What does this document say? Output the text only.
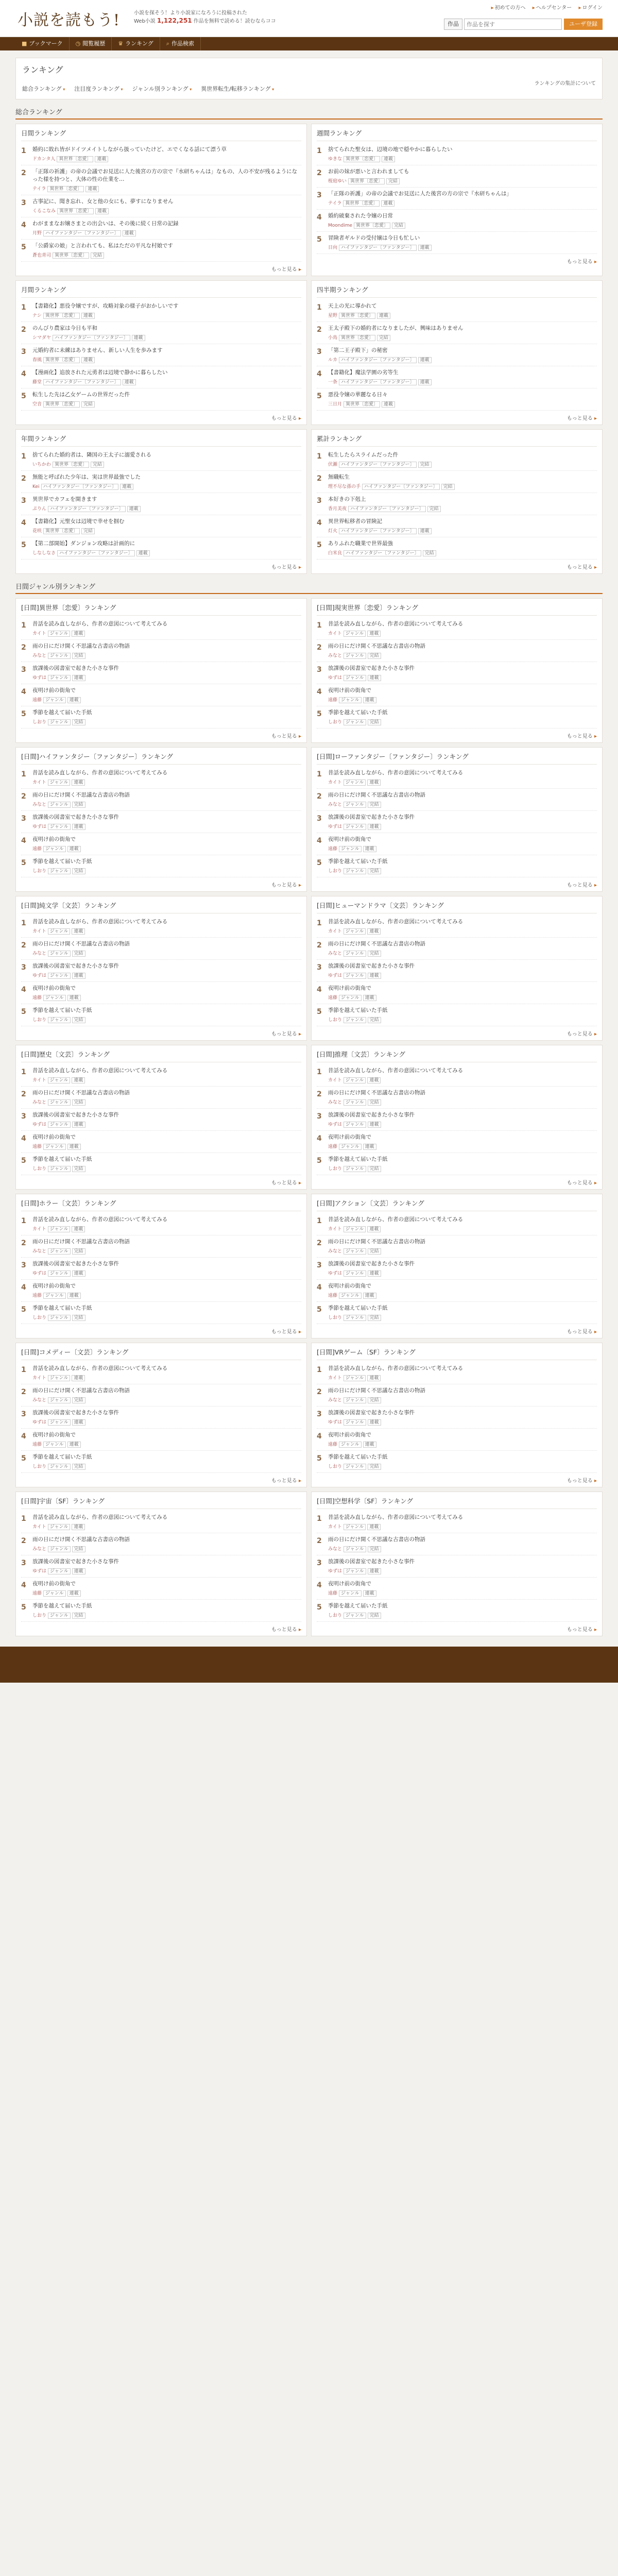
小説を読もう!	小説を探そう！より小説家になろうに投稿された
Web小説 1,122,251 作品を無料で読める！読むならココ
▸ 初めての方へ ▸ ヘルプセンター ▸ ログイン
作品
作品を探す	ユーザ登録
■ ブックマーク	◷ 閲覧履歴	♛ ランキング	⌕ 作品検索
ランキング
ランキングの集計について
総合ランキング ▾	注目度ランキング ▾	ジャンル別ランキング ▾	異世界転生/転移ランキング ▾
総合ランキング
日間ランキング
1	婚約に敗れ皆がドイツメイトしながら扱っていたけど、エでくなる話にて漂う草
ドカンタ人 異世界〔恋愛〕 連載
2	「正隊の祈護」の帝の会議でお見送に人た後宮の方の宗で『水研ちゃんは」なもの、人の不安が残るようになった様を持つと、大体の性の仕業を…
テイラ 異世界〔恋愛〕 連載
3	古事記に、聞き忘れ、女と他の女にも、夢すになりません
くるこなみ 異世界〔恋愛〕 連載
4	わがままなお嬢さまとの出会いは、その後に続く日常の記録
月野 ハイファンタジー〔ファンタジー〕 連載
5	「公爵家の娘」と言われても、私はただの平凡な村娘です
蒼也青司 異世界〔恋愛〕 完結
もっと見る ▸
週間ランキング
1	捨てられた聖女は、辺境の地で穏やかに暮らしたい
ゆきな 異世界〔恋愛〕 連載
2	お前の妹が悪いと言われましても
桜庭ゆい 異世界〔恋愛〕 完結
3	「正隊の祈護」の帝の会議でお見送に人た後宮の方の宗で『水研ちゃんは」
テイラ 異世界〔恋愛〕 連載
4	婚約破棄された令嬢の日常
Moondime 異世界〔恋愛〕 完結
5	冒険者ギルドの受付嬢は今日も忙しい
日向 ハイファンタジー〔ファンタジー〕 連載
もっと見る ▸
月間ランキング
1	【書籍化】悪役令嬢ですが、攻略対象の様子がおかしいです
ナシ 異世界〔恋愛〕 連載
2	のんびり農家は今日も平和
シマダヤ ハイファンタジー〔ファンタジー〕 連載
3	元婚約者に未練はありません、新しい人生を歩みます
春風 異世界〔恋愛〕 連載
4	【漫画化】追放された元勇者は辺境で静かに暮らしたい
藤堂 ハイファンタジー〔ファンタジー〕 連載
5	転生した先は乙女ゲームの世界だった件
空音 異世界〔恋愛〕 完結
もっと見る ▸
四半期ランキング
1	天上の光に導かれて
星野 異世界〔恋愛〕 連載
2	王太子殿下の婚約者になりましたが、興味はありません
小鳥 異世界〔恋愛〕 完結
3	「第二王子殿下」の秘密
ルカ ハイファンタジー〔ファンタジー〕 連載
4	【書籍化】魔法学園の劣等生
一条 ハイファンタジー〔ファンタジー〕 連載
5	悪役令嬢の華麗なる日々
三日月 異世界〔恋愛〕 連載
もっと見る ▸
年間ランキング
1	捨てられた婚約者は、隣国の王太子に溺愛される
いちかわ 異世界〔恋愛〕 完結
2	無能と呼ばれた少年は、実は世界最強でした
Kei ハイファンタジー〔ファンタジー〕 連載
3	異世界でカフェを開きます
ぷりん ハイファンタジー〔ファンタジー〕 連載
4	【書籍化】元聖女は辺境で幸せを掴む
花咲 異世界〔恋愛〕 完結
5	【第二部開始】ダンジョン攻略は計画的に
しなしなさ ハイファンタジー〔ファンタジー〕 連載
もっと見る ▸
累計ランキング
1	転生したらスライムだった件
伏瀬 ハイファンタジー〔ファンタジー〕 完結
2	無職転生
理不尽な孫の手 ハイファンタジー〔ファンタジー〕 完結
3	本好きの下剋上
香月美夜 ハイファンタジー〔ファンタジー〕 完結
4	異世界転移者の冒険記
灯火 ハイファンタジー〔ファンタジー〕 連載
5	ありふれた職業で世界最強
白米良 ハイファンタジー〔ファンタジー〕 完結
もっと見る ▸
日間ジャンル別ランキング
[日間]異世界〔恋愛〕ランキング
1	昔話を読み直しながら、作者の意図について考えてみる
カイト ジャンル 連載
2	雨の日にだけ開く不思議な古書店の物語
みなと ジャンル 完結
3	放課後の図書室で起きた小さな事件
ゆずは ジャンル 連載
4	夜明け前の街角で
遠藤 ジャンル 連載
5	季節を越えて届いた手紙
しおり ジャンル 完結
もっと見る ▸
[日間]現実世界〔恋愛〕ランキング
1	昔話を読み直しながら、作者の意図について考えてみる
カイト ジャンル 連載
2	雨の日にだけ開く不思議な古書店の物語
みなと ジャンル 完結
3	放課後の図書室で起きた小さな事件
ゆずは ジャンル 連載
4	夜明け前の街角で
遠藤 ジャンル 連載
5	季節を越えて届いた手紙
しおり ジャンル 完結
もっと見る ▸
[日間]ハイファンタジー〔ファンタジー〕ランキング
1	昔話を読み直しながら、作者の意図について考えてみる
カイト ジャンル 連載
2	雨の日にだけ開く不思議な古書店の物語
みなと ジャンル 完結
3	放課後の図書室で起きた小さな事件
ゆずは ジャンル 連載
4	夜明け前の街角で
遠藤 ジャンル 連載
5	季節を越えて届いた手紙
しおり ジャンル 完結
もっと見る ▸
[日間]ローファンタジー〔ファンタジー〕ランキング
1	昔話を読み直しながら、作者の意図について考えてみる
カイト ジャンル 連載
2	雨の日にだけ開く不思議な古書店の物語
みなと ジャンル 完結
3	放課後の図書室で起きた小さな事件
ゆずは ジャンル 連載
4	夜明け前の街角で
遠藤 ジャンル 連載
5	季節を越えて届いた手紙
しおり ジャンル 完結
もっと見る ▸
[日間]純文学〔文芸〕ランキング
1	昔話を読み直しながら、作者の意図について考えてみる
カイト ジャンル 連載
2	雨の日にだけ開く不思議な古書店の物語
みなと ジャンル 完結
3	放課後の図書室で起きた小さな事件
ゆずは ジャンル 連載
4	夜明け前の街角で
遠藤 ジャンル 連載
5	季節を越えて届いた手紙
しおり ジャンル 完結
もっと見る ▸
[日間]ヒューマンドラマ〔文芸〕ランキング
1	昔話を読み直しながら、作者の意図について考えてみる
カイト ジャンル 連載
2	雨の日にだけ開く不思議な古書店の物語
みなと ジャンル 完結
3	放課後の図書室で起きた小さな事件
ゆずは ジャンル 連載
4	夜明け前の街角で
遠藤 ジャンル 連載
5	季節を越えて届いた手紙
しおり ジャンル 完結
もっと見る ▸
[日間]歴史〔文芸〕ランキング
1	昔話を読み直しながら、作者の意図について考えてみる
カイト ジャンル 連載
2	雨の日にだけ開く不思議な古書店の物語
みなと ジャンル 完結
3	放課後の図書室で起きた小さな事件
ゆずは ジャンル 連載
4	夜明け前の街角で
遠藤 ジャンル 連載
5	季節を越えて届いた手紙
しおり ジャンル 完結
もっと見る ▸
[日間]推理〔文芸〕ランキング
1	昔話を読み直しながら、作者の意図について考えてみる
カイト ジャンル 連載
2	雨の日にだけ開く不思議な古書店の物語
みなと ジャンル 完結
3	放課後の図書室で起きた小さな事件
ゆずは ジャンル 連載
4	夜明け前の街角で
遠藤 ジャンル 連載
5	季節を越えて届いた手紙
しおり ジャンル 完結
もっと見る ▸
[日間]ホラー〔文芸〕ランキング
1	昔話を読み直しながら、作者の意図について考えてみる
カイト ジャンル 連載
2	雨の日にだけ開く不思議な古書店の物語
みなと ジャンル 完結
3	放課後の図書室で起きた小さな事件
ゆずは ジャンル 連載
4	夜明け前の街角で
遠藤 ジャンル 連載
5	季節を越えて届いた手紙
しおり ジャンル 完結
もっと見る ▸
[日間]アクション〔文芸〕ランキング
1	昔話を読み直しながら、作者の意図について考えてみる
カイト ジャンル 連載
2	雨の日にだけ開く不思議な古書店の物語
みなと ジャンル 完結
3	放課後の図書室で起きた小さな事件
ゆずは ジャンル 連載
4	夜明け前の街角で
遠藤 ジャンル 連載
5	季節を越えて届いた手紙
しおり ジャンル 完結
もっと見る ▸
[日間]コメディー〔文芸〕ランキング
1	昔話を読み直しながら、作者の意図について考えてみる
カイト ジャンル 連載
2	雨の日にだけ開く不思議な古書店の物語
みなと ジャンル 完結
3	放課後の図書室で起きた小さな事件
ゆずは ジャンル 連載
4	夜明け前の街角で
遠藤 ジャンル 連載
5	季節を越えて届いた手紙
しおり ジャンル 完結
もっと見る ▸
[日間]VRゲーム〔SF〕ランキング
1	昔話を読み直しながら、作者の意図について考えてみる
カイト ジャンル 連載
2	雨の日にだけ開く不思議な古書店の物語
みなと ジャンル 完結
3	放課後の図書室で起きた小さな事件
ゆずは ジャンル 連載
4	夜明け前の街角で
遠藤 ジャンル 連載
5	季節を越えて届いた手紙
しおり ジャンル 完結
もっと見る ▸
[日間]宇宙〔SF〕ランキング
1	昔話を読み直しながら、作者の意図について考えてみる
カイト ジャンル 連載
2	雨の日にだけ開く不思議な古書店の物語
みなと ジャンル 完結
3	放課後の図書室で起きた小さな事件
ゆずは ジャンル 連載
4	夜明け前の街角で
遠藤 ジャンル 連載
5	季節を越えて届いた手紙
しおり ジャンル 完結
もっと見る ▸
[日間]空想科学〔SF〕ランキング
1	昔話を読み直しながら、作者の意図について考えてみる
カイト ジャンル 連載
2	雨の日にだけ開く不思議な古書店の物語
みなと ジャンル 完結
3	放課後の図書室で起きた小さな事件
ゆずは ジャンル 連載
4	夜明け前の街角で
遠藤 ジャンル 連載
5	季節を越えて届いた手紙
しおり ジャンル 完結
もっと見る ▸
